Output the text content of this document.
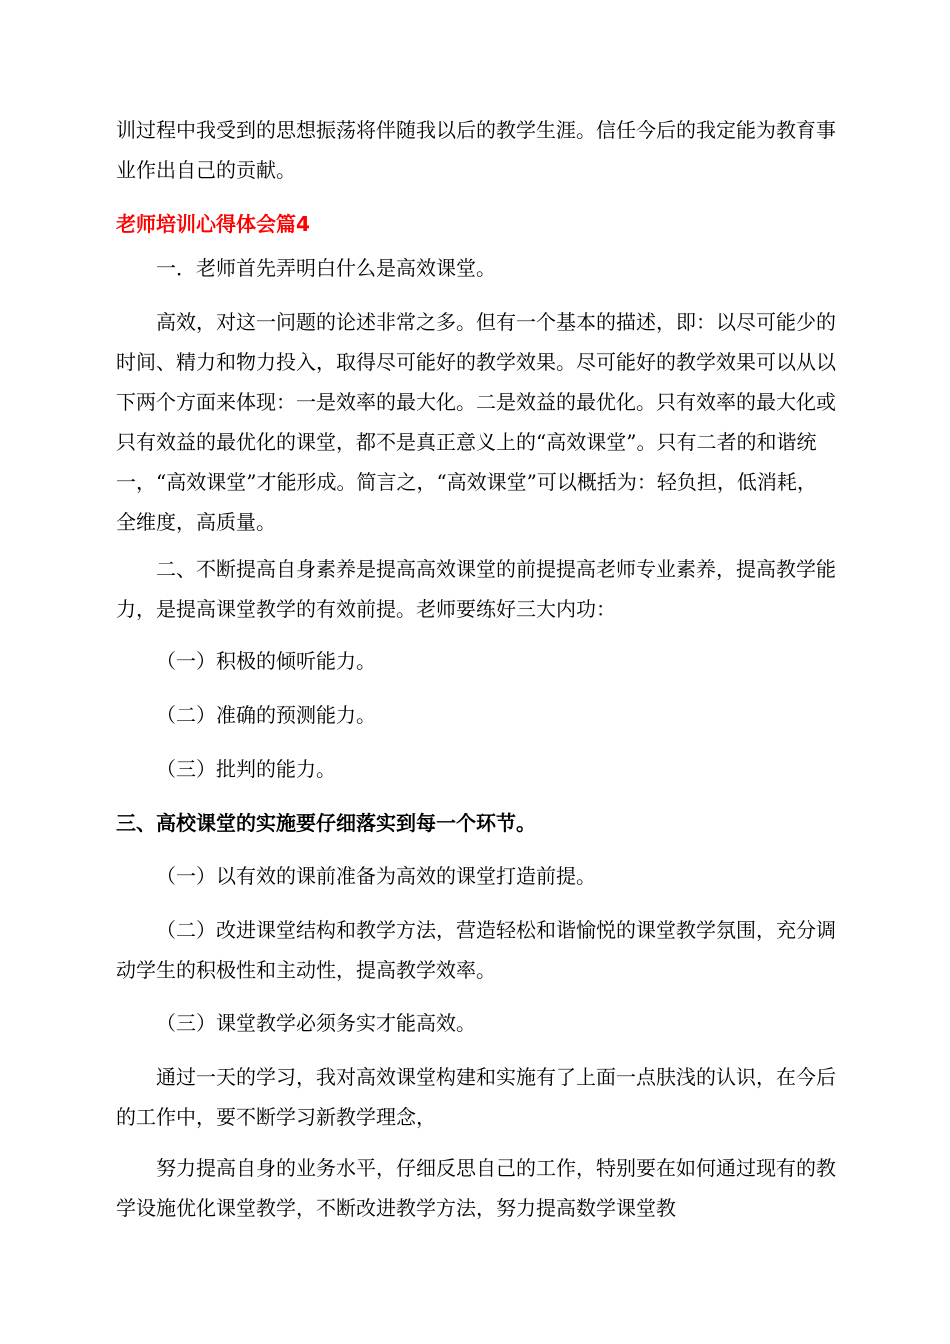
训过程中我受到的思想振荡将伴随我以后的教学生涯。信任今后的我定能为教育事业作出自己的贡献。

老师培训心得体会篇4

一．老师首先弄明白什么是高效课堂。

高效，对这一问题的论述非常之多。但有一个基本的描述，即：以尽可能少的时间、精力和物力投入，取得尽可能好的教学效果。尽可能好的教学效果可以从以下两个方面来体现：一是效率的最大化。二是效益的最优化。只有效率的最大化或只有效益的最优化的课堂，都不是真正意义上的“高效课堂”。只有二者的和谐统一，“高效课堂”才能形成。简言之，“高效课堂”可以概括为：轻负担，低消耗，全维度，高质量。

二、不断提高自身素养是提高高效课堂的前提提高老师专业素养，提高教学能力，是提高课堂教学的有效前提。老师要练好三大内功：

（一）积极的倾听能力。

（二）准确的预测能力。

（三）批判的能力。

三、高校课堂的实施要仔细落实到每一个环节。

（一）以有效的课前准备为高效的课堂打造前提。

（二）改进课堂结构和教学方法，营造轻松和谐愉悦的课堂教学氛围，充分调动学生的积极性和主动性，提高教学效率。

（三）课堂教学必须务实才能高效。

通过一天的学习，我对高效课堂构建和实施有了上面一点肤浅的认识，在今后的工作中，要不断学习新教学理念，

努力提高自身的业务水平，仔细反思自己的工作，特别要在如何通过现有的教学设施优化课堂教学，不断改进教学方法，努力提高数学课堂教
